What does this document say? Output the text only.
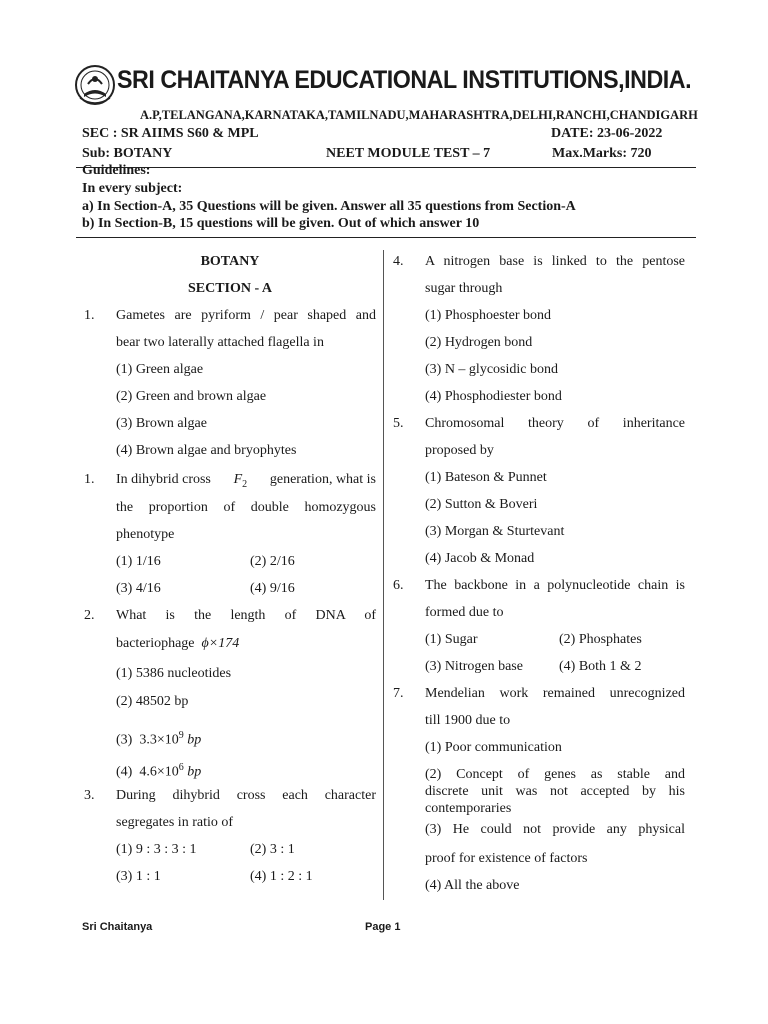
SRI CHAITANYA EDUCATIONAL INSTITUTIONS,INDIA.
A.P,TELANGANA,KARNATAKA,TAMILNADU,MAHARASHTRA,DELHI,RANCHI,CHANDIGARH
SEC : SR AIIMS S60 & MPL	DATE: 23-06-2022
Sub: BOTANY	NEET MODULE TEST – 7	Max.Marks: 720
Guidelines:
In every subject:
a) In Section-A, 35 Questions will be given. Answer all 35 questions from Section-A
b) In Section-B, 15 questions will be given. Out of which answer 10
BOTANY
SECTION - A
1. Gametes are pyriform / pear shaped and
bear two laterally attached flagella in
(1) Green algae
(2) Green and brown algae
(3) Brown algae
(4) Brown algae and bryophytes
1. In dihybrid cross $F_2$ generation, what is
the proportion of double homozygous
phenotype
(1) 1/16	(2) 2/16
(3) 4/16	(4) 9/16
2. What is the length of DNA of
bacteriophage ϕ×174
(1) 5386 nucleotides
(2) 48502 bp
(3) $3.3\times 10^9$ bp
(4) $4.6\times 10^6$ bp
3. During dihybrid cross each character
segregates in ratio of
(1) 9 : 3 : 3 : 1	(2) 3 : 1
(3) 1 : 1	(4) 1 : 2 : 1
4. A nitrogen base is linked to the pentose
sugar through
(1) Phosphoester bond
(2) Hydrogen bond
(3) N – glycosidic bond
(4) Phosphodiester bond
5. Chromosomal theory of inheritance
proposed by
(1) Bateson & Punnet
(2) Sutton & Boveri
(3) Morgan & Sturtevant
(4) Jacob & Monad
6. The backbone in a polynucleotide chain is
formed due to
(1) Sugar	(2) Phosphates
(3) Nitrogen base	(4) Both 1 & 2
7. Mendelian work remained unrecognized
till 1900 due to
(1) Poor communication
(2) Concept of genes as stable and
discrete unit was not accepted by his
contemporaries
(3) He could not provide any physical
proof for existence of factors
(4) All the above
Sri Chaitanya	Page 1
